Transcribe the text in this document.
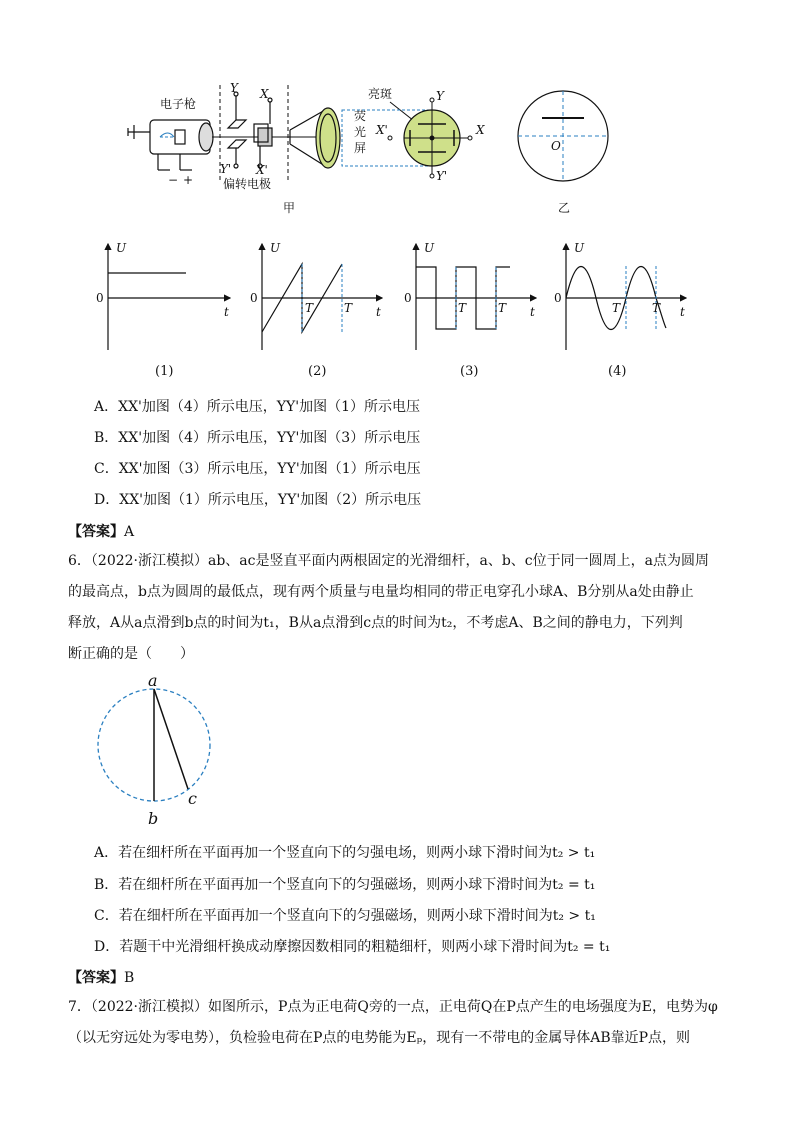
电子枪
− +
Y X
Y' X'
偏转电极
亮斑
荧
光
屏
Y
Y'
X'	X
甲
O
乙
U
0
t
U
0
T	T t
U
0
T	T t
U
0
T	T t
(1)	(2)	(3)	(4)
A．XX'加图（4）所示电压，YY'加图（1）所示电压
B．XX'加图（4）所示电压，YY'加图（3）所示电压
C．XX'加图（3）所示电压，YY'加图（1）所示电压
D．XX'加图（1）所示电压，YY'加图（2）所示电压
【答案】A
6．（2022·浙江模拟）ab、ac是竖直平面内两根固定的光滑细杆，a、b、c位于同一圆周上，a点为圆周
的最高点，b点为圆周的最低点，现有两个质量与电量均相同的带正电穿孔小球A、B分别从a处由静止
释放，A从a点滑到b点的时间为t₁，B从a点滑到c点的时间为t₂，不考虑A、B之间的静电力，下列判
断正确的是（　　）
a
b
c
A．若在细杆所在平面再加一个竖直向下的匀强电场，则两小球下滑时间为t₂ > t₁
B．若在细杆所在平面再加一个竖直向下的匀强磁场，则两小球下滑时间为t₂ = t₁
C．若在细杆所在平面再加一个竖直向下的匀强磁场，则两小球下滑时间为t₂ > t₁
D．若题干中光滑细杆换成动摩擦因数相同的粗糙细杆，则两小球下滑时间为t₂ = t₁
【答案】B
7．（2022·浙江模拟）如图所示，P点为正电荷Q旁的一点，正电荷Q在P点产生的电场强度为E，电势为φ
（以无穷远处为零电势），负检验电荷在P点的电势能为Eₚ，现有一不带电的金属导体AB靠近P点，则
